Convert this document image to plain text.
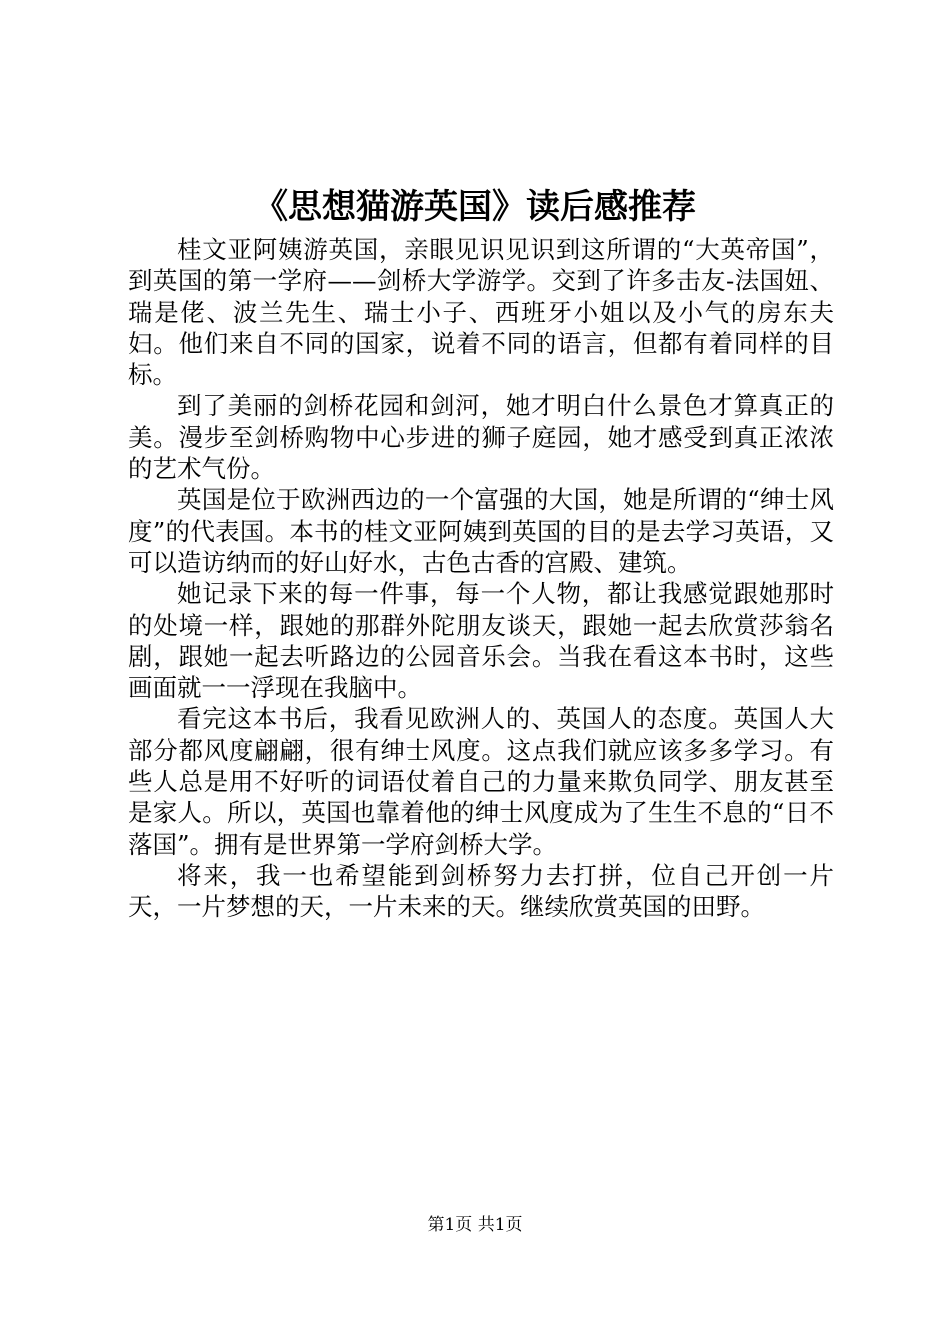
《思想猫游英国》读后感推荐

桂文亚阿姨游英国，亲眼见识见识到这所谓的“大英帝国”，到英国的第一学府——剑桥大学游学。交到了许多击友-法国妞、瑞是佬、波兰先生、瑞士小子、西班牙小姐以及小气的房东夫妇。他们来自不同的国家，说着不同的语言，但都有着同样的目标。

到了美丽的剑桥花园和剑河，她才明白什么景色才算真正的美。漫步至剑桥购物中心步进的狮子庭园，她才感受到真正浓浓的艺术气份。

英国是位于欧洲西边的一个富强的大国，她是所谓的“绅士风度”的代表国。本书的桂文亚阿姨到英国的目的是去学习英语，又可以造访纳而的好山好水，古色古香的宫殿、建筑。

她记录下来的每一件事，每一个人物，都让我感觉跟她那时的处境一样，跟她的那群外陀朋友谈天，跟她一起去欣赏莎翁名剧，跟她一起去听路边的公园音乐会。当我在看这本书时，这些画面就一一浮现在我脑中。

看完这本书后，我看见欧洲人的、英国人的态度。英国人大部分都风度翩翩，很有绅士风度。这点我们就应该多多学习。有些人总是用不好听的词语仗着自己的力量来欺负同学、朋友甚至是家人。所以，英国也靠着他的绅士风度成为了生生不息的“日不落国”。拥有是世界第一学府剑桥大学。

将来，我一也希望能到剑桥努力去打拼，位自己开创一片天，一片梦想的天，一片未来的天。继续欣赏英国的田野。

第1页 共1页
